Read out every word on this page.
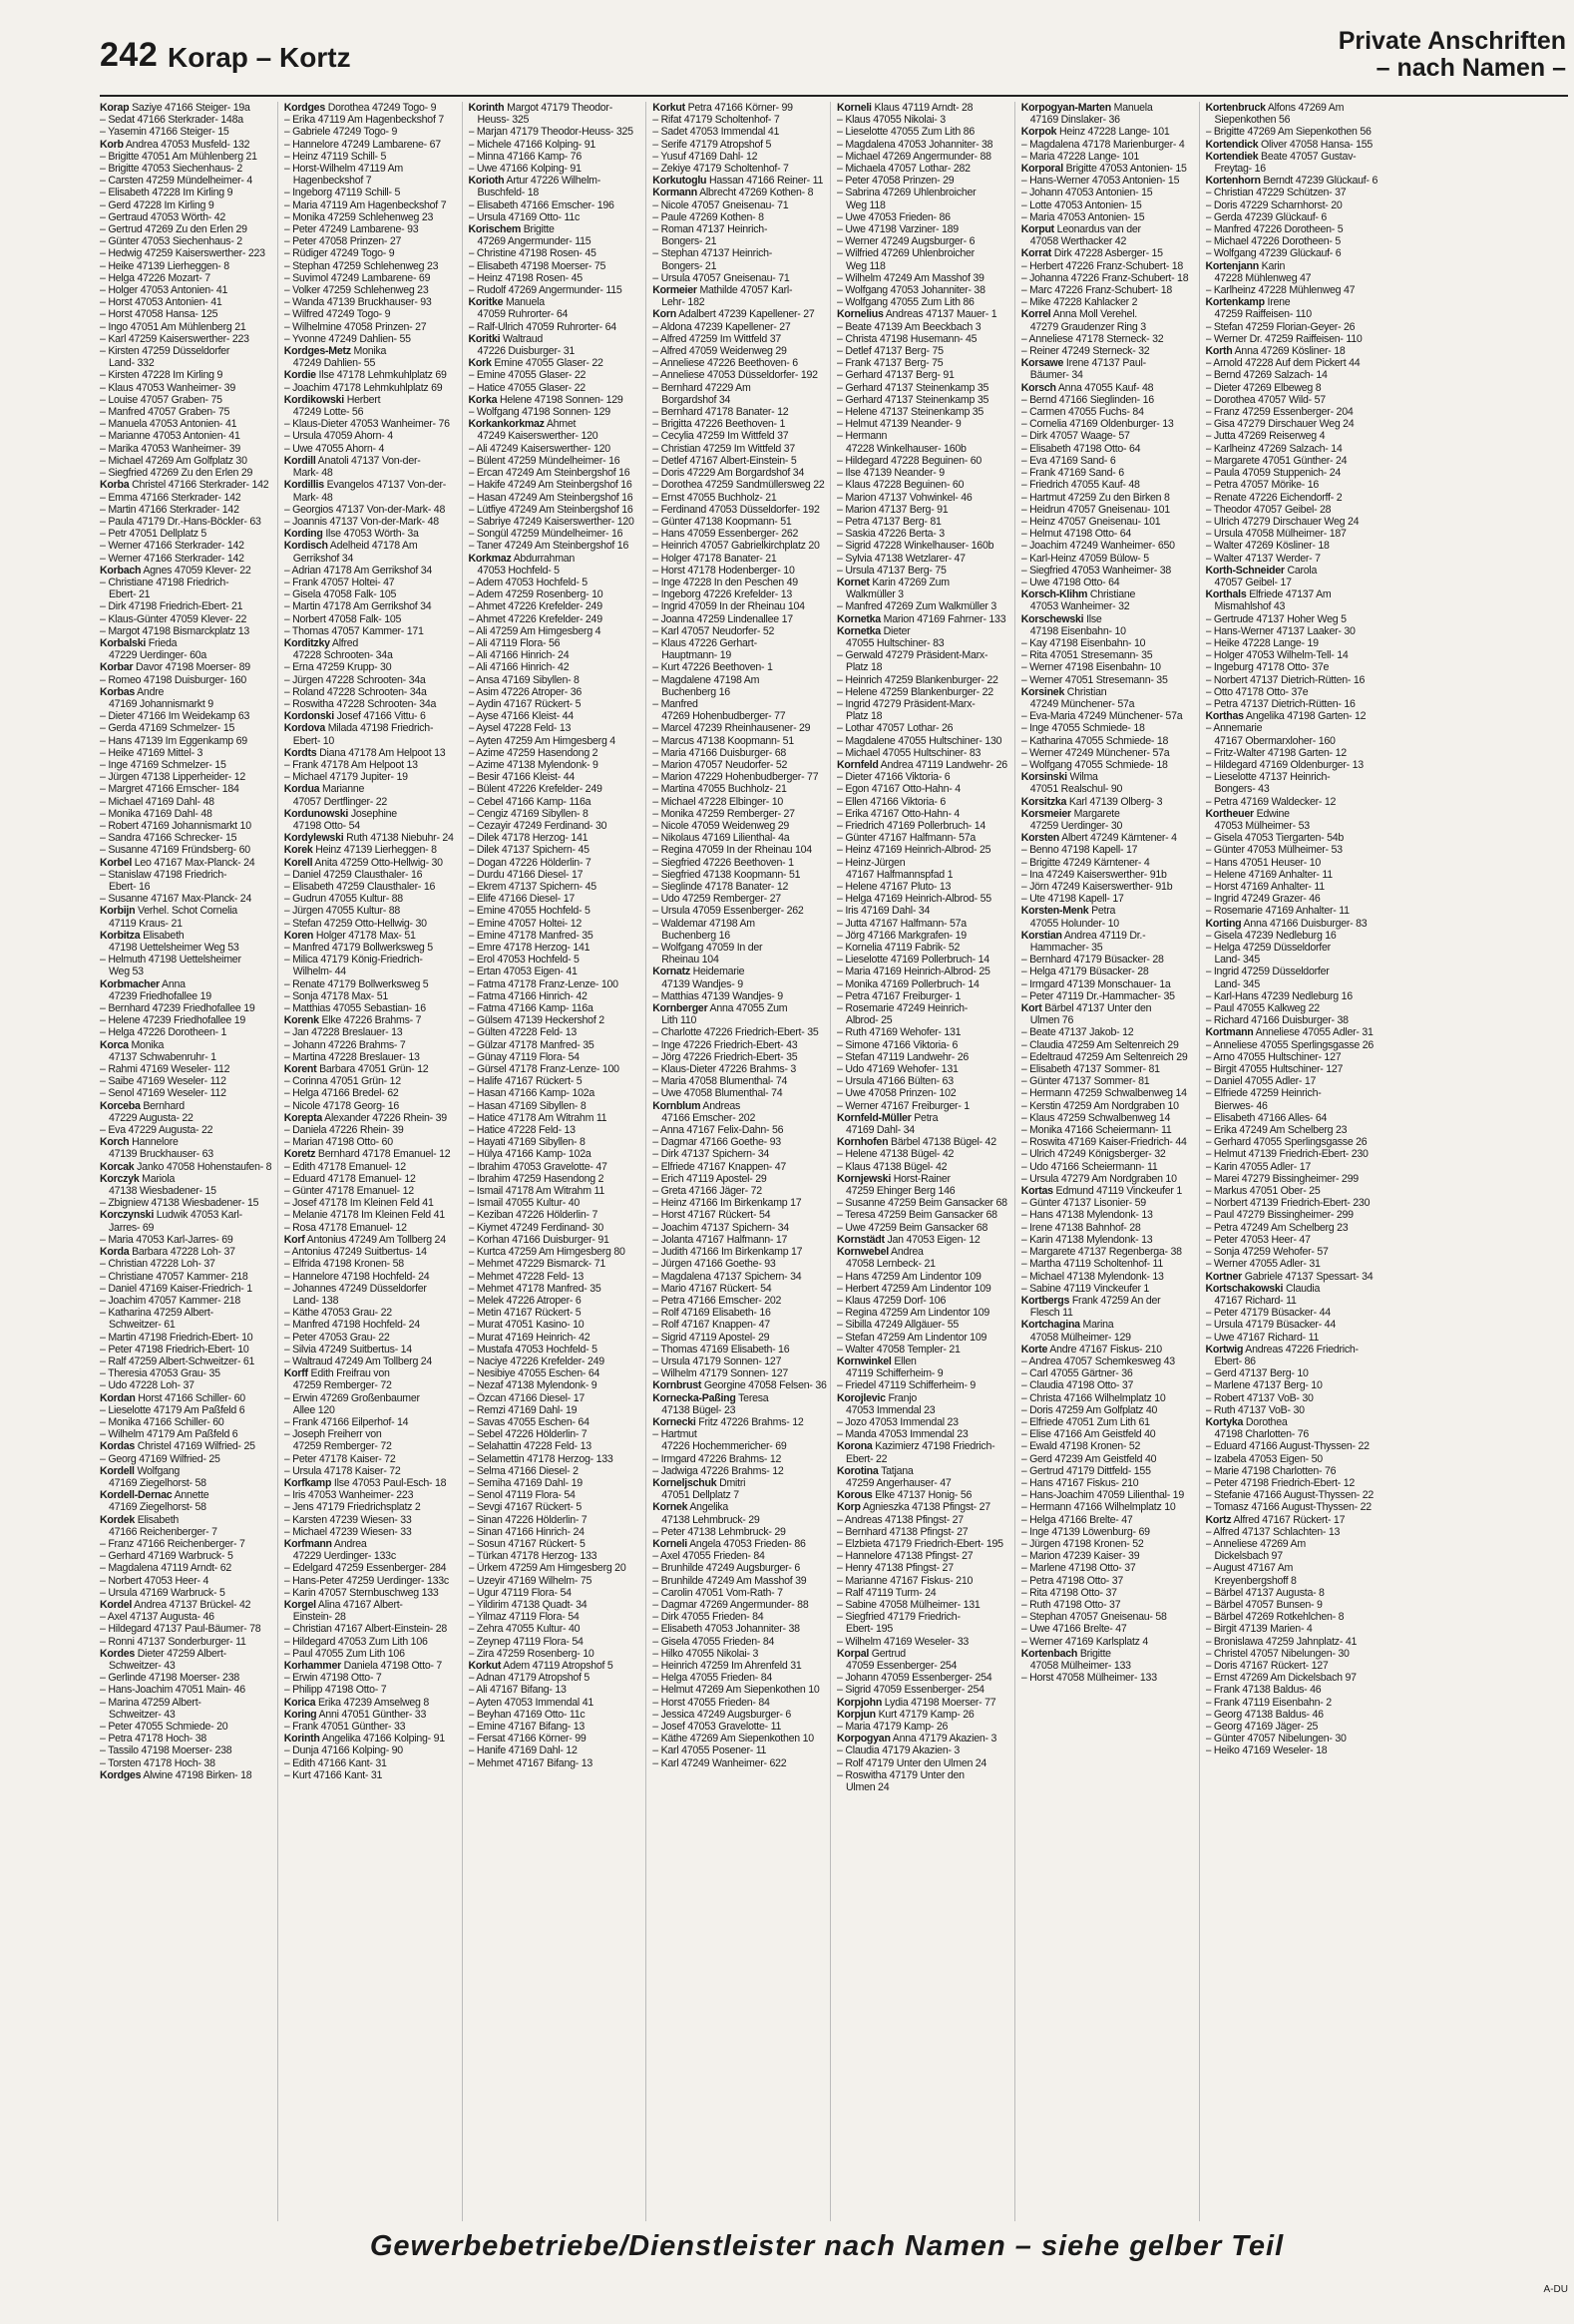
242 Korap – Kortz
Private Anschriften
– nach Namen –
Korap Saziye 47166 Steiger- 19a
– Sedat 47166 Sterkrader- 148a
– Yasemin 47166 Steiger- 15
Korb Andrea 47053 Musfeld- 132
– Brigitte 47051 Am Mühlenberg 21
– Brigitte 47053 Siechenhaus- 2
– Carsten 47259 Mündelheimer- 4
– Elisabeth 47228 Im Kirling 9
– Gerd 47228 Im Kirling 9
– Gertraud 47053 Wörth- 42
– Gertrud 47269 Zu den Erlen 29
– Günter 47053 Siechenhaus- 2
– Hedwig 47259 Kaiserswerther- 223
– Heike 47139 Lierheggen- 8
– Helga 47226 Mozart- 7
– Holger 47053 Antonien- 41
– Horst 47053 Antonien- 41
– Horst 47058 Hansa- 125
– Ingo 47051 Am Mühlenberg 21
– Karl 47259 Kaiserswerther- 223
– Kirsten 47259 Düsseldorfer
Land- 332
– Kirsten 47228 Im Kirling 9
– Klaus 47053 Wanheimer- 39
– Louise 47057 Graben- 75
– Manfred 47057 Graben- 75
– Manuela 47053 Antonien- 41
– Marianne 47053 Antonien- 41
– Marika 47053 Wanheimer- 39
– Michael 47269 Am Golfplatz 30
– Siegfried 47269 Zu den Erlen 29
Korba Christel 47166 Sterkrader- 142
– Emma 47166 Sterkrader- 142
– Martin 47166 Sterkrader- 142
– Paula 47179 Dr.-Hans-Böckler- 63
– Petr 47051 Dellplatz 5
– Werner 47166 Sterkrader- 142
– Werner 47166 Sterkrader- 142
Korbach Agnes 47059 Klever- 22
– Christiane 47198 Friedrich-
Ebert- 21
– Dirk 47198 Friedrich-Ebert- 21
– Klaus-Günter 47059 Klever- 22
– Margot 47198 Bismarckplatz 13
Korbalski Frieda
47229 Uerdinger- 60a
Korbar Davor 47198 Moerser- 89
– Romeo 47198 Duisburger- 160
Korbas Andre
47169 Johannismarkt 9
– Dieter 47166 Im Weidekamp 63
– Gerda 47169 Schmelzer- 15
– Hans 47139 Im Eggenkamp 69
– Heike 47169 Mittel- 3
– Inge 47169 Schmelzer- 15
– Jürgen 47138 Lipperheider- 12
– Margret 47166 Emscher- 184
– Michael 47169 Dahl- 48
– Monika 47169 Dahl- 48
– Robert 47169 Johannismarkt 10
– Sandra 47166 Schrecker- 15
– Susanne 47169 Fründsberg- 60
Korbel Leo 47167 Max-Planck- 24
– Stanislaw 47198 Friedrich-
Ebert- 16
– Susanne 47167 Max-Planck- 24
Korbijn Verhel. Schot Cornelia
47119 Kraus- 21
Korbitza Elisabeth
47198 Uettelsheimer Weg 53
– Helmuth 47198 Uettelsheimer
Weg 53
Korbmacher Anna
47239 Friedhofallee 19
– Bernhard 47239 Friedhofallee 19
– Helene 47239 Friedhofallee 19
– Helga 47226 Dorotheen- 1
Korca Monika
47137 Schwabenruhr- 1
– Rahmi 47169 Weseler- 112
– Saibe 47169 Weseler- 112
– Senol 47169 Weseler- 112
Korceba Bernhard
47229 Augusta- 22
– Eva 47229 Augusta- 22
Korch Hannelore
47139 Bruckhauser- 63
Korcak Janko 47058 Hohenstaufen- 8
Korczyk Mariola
47138 Wiesbadener- 15
– Zbigniew 47138 Wiesbadener- 15
Korczynski Ludwik 47053 Karl-
Jarres- 69
– Maria 47053 Karl-Jarres- 69
Korda Barbara 47228 Loh- 37
– Christian 47228 Loh- 37
– Christiane 47057 Kammer- 218
– Daniel 47169 Kaiser-Friedrich- 1
– Joachim 47057 Kammer- 218
– Katharina 47259 Albert-
Schweitzer- 61
– Martin 47198 Friedrich-Ebert- 10
– Peter 47198 Friedrich-Ebert- 10
– Ralf 47259 Albert-Schweitzer- 61
– Theresia 47053 Grau- 35
– Udo 47228 Loh- 37
Kordan Horst 47166 Schiller- 60
– Lieselotte 47179 Am Paßfeld 6
– Monika 47166 Schiller- 60
– Wilhelm 47179 Am Paßfeld 6
Kordas Christel 47169 Wilfried- 25
– Georg 47169 Wilfried- 25
Kordell Wolfgang
47169 Ziegelhorst- 58
Kordell-Dernac Annette
47169 Ziegelhorst- 58
Kordek Elisabeth
47166 Reichenberger- 7
– Franz 47166 Reichenberger- 7
– Gerhard 47169 Warbruck- 5
– Magdalena 47119 Arndt- 62
– Norbert 47053 Heer- 4
– Ursula 47169 Warbruck- 5
Kordel Andrea 47137 Brückel- 42
– Axel 47137 Augusta- 46
– Hildegard 47137 Paul-Bäumer- 78
– Ronni 47137 Sonderburger- 11
Kordes Dieter 47259 Albert-
Schweitzer- 43
– Gerlinde 47198 Moerser- 238
– Hans-Joachim 47051 Main- 46
– Marina 47259 Albert-
Schweitzer- 43
– Peter 47055 Schmiede- 20
– Petra 47178 Hoch- 38
– Tassilo 47198 Moerser- 238
– Torsten 47178 Hoch- 38
Kordges Alwine 47198 Birken- 18
Kordges Dorothea 47249 Togo- 9
– Erika 47119 Am Hagenbeckshof 7
– Gabriele 47249 Togo- 9
– Hannelore 47249 Lambarene- 67
– Heinz 47119 Schill- 5
– Horst-Wilhelm 47119 Am
Hagenbeckshof 7
– Ingeborg 47119 Schill- 5
– Maria 47119 Am Hagenbeckshof 7
– Monika 47259 Schlehenweg 23
– Peter 47249 Lambarene- 93
– Peter 47058 Prinzen- 27
– Rüdiger 47249 Togo- 9
– Stephan 47259 Schlehenweg 23
– Suvimol 47249 Lambarene- 69
– Volker 47259 Schlehenweg 23
– Wanda 47139 Bruckhauser- 93
– Wilfred 47249 Togo- 9
– Wilhelmine 47058 Prinzen- 27
– Yvonne 47249 Dahlien- 55
Kordges-Metz Monika
47249 Dahlien- 55
Kordie Ilse 47178 Lehmkuhlplatz 69
– Joachim 47178 Lehmkuhlplatz 69
Kordikowski Herbert
47249 Lotte- 56
– Klaus-Dieter 47053 Wanheimer- 76
– Ursula 47059 Ahorn- 4
– Uwe 47055 Ahorn- 4
Kordill Anatoli 47137 Von-der-
Mark- 48
Kordillis Evangelos 47137 Von-der-
Mark- 48
– Georgios 47137 Von-der-Mark- 48
– Joannis 47137 Von-der-Mark- 48
Kording Ilse 47053 Wörth- 3a
Kordisch Adelheid 47178 Am
Gerrikshof 34
– Adrian 47178 Am Gerrikshof 34
– Frank 47057 Holtei- 47
– Gisela 47058 Falk- 105
– Martin 47178 Am Gerrikshof 34
– Norbert 47058 Falk- 105
– Thomas 47057 Kammer- 171
Korditzky Alfred
47228 Schrooten- 34a
– Erna 47259 Krupp- 30
– Jürgen 47228 Schrooten- 34a
– Roland 47228 Schrooten- 34a
– Roswitha 47228 Schrooten- 34a
Kordonski Josef 47166 Vittu- 6
Kordova Milada 47198 Friedrich-
Ebert- 10
Kordts Diana 47178 Am Helpoot 13
– Frank 47178 Am Helpoot 13
– Michael 47179 Jupiter- 19
Kordua Marianne
47057 Dertflinger- 22
Kordunowski Josephine
47198 Otto- 54
Kordylewski Ruth 47138 Niebuhr- 24
Korek Heinz 47139 Lierheggen- 8
Korell Anita 47259 Otto-Hellwig- 30
– Daniel 47259 Clausthaler- 16
– Elisabeth 47259 Clausthaler- 16
– Gudrun 47055 Kultur- 88
– Jürgen 47055 Kultur- 88
– Stefan 47259 Otto-Hellwig- 30
Koren Holger 47178 Max- 51
– Manfred 47179 Bollwerksweg 5
– Milica 47179 König-Friedrich-
Wilhelm- 44
– Renate 47179 Bollwerksweg 5
– Sonja 47178 Max- 51
– Matthias 47055 Sebastian- 16
Korenk Elke 47226 Brahms- 7
– Jan 47228 Breslauer- 13
– Johann 47226 Brahms- 7
– Martina 47228 Breslauer- 13
Korent Barbara 47051 Grün- 12
– Corinna 47051 Grün- 12
– Helga 47166 Bredel- 62
– Nicole 47178 Georg- 16
Korepta Alexander 47226 Rhein- 39
– Daniela 47226 Rhein- 39
– Marian 47198 Otto- 60
Koretz Bernhard 47178 Emanuel- 12
– Edith 47178 Emanuel- 12
– Eduard 47178 Emanuel- 12
– Günter 47178 Emanuel- 12
– Josef 47178 Im Kleinen Feld 41
– Melanie 47178 Im Kleinen Feld 41
– Rosa 47178 Emanuel- 12
Korf Antonius 47249 Am Tollberg 24
– Antonius 47249 Suitbertus- 14
– Elfrida 47198 Kronen- 58
– Hannelore 47198 Hochfeld- 24
– Johannes 47249 Düsseldorfer
Land- 138
– Käthe 47053 Grau- 22
– Manfred 47198 Hochfeld- 24
– Peter 47053 Grau- 22
– Silvia 47249 Suitbertus- 14
– Waltraud 47249 Am Tollberg 24
Korff Edith Freifrau von
47259 Remberger- 72
– Erwin 47269 Großenbaumer
Allee 120
– Frank 47166 Eilperhof- 14
– Joseph Freiherr von
47259 Remberger- 72
– Peter 47178 Kaiser- 72
– Ursula 47178 Kaiser- 72
Korfkamp Ilse 47053 Paul-Esch- 18
– Iris 47053 Wanheimer- 223
– Jens 47179 Friedrichsplatz 2
– Karsten 47239 Wiesen- 33
– Michael 47239 Wiesen- 33
Korfmann Andrea
47229 Uerdinger- 133c
– Edelgard 47259 Essenberger- 284
– Hans-Peter 47259 Uerdinger- 133c
– Karin 47057 Sternbuschweg 133
Korgel Alina 47167 Albert-
Einstein- 28
– Christian 47167 Albert-Einstein- 28
– Hildegard 47053 Zum Lith 106
– Paul 47055 Zum Lith 106
Korhammer Daniela 47198 Otto- 7
– Erwin 47198 Otto- 7
– Philipp 47198 Otto- 7
Korica Erika 47239 Amselweg 8
Koring Anni 47051 Günther- 33
– Frank 47051 Günther- 33
Korinth Angelika 47166 Kolping- 91
– Dunja 47166 Kolping- 90
– Edith 47166 Kant- 31
– Kurt 47166 Kant- 31
Korinth Margot 47179 Theodor-
Heuss- 325
– Marjan 47179 Theodor-Heuss- 325
– Michele 47166 Kolping- 91
– Minna 47166 Kamp- 76
– Uwe 47166 Kolping- 91
Korioth Artur 47226 Wilhelm-
Buschfeld- 18
– Elisabeth 47166 Emscher- 196
– Ursula 47169 Otto- 11c
Korischem Brigitte
47269 Angermunder- 115
– Christine 47198 Rosen- 45
– Elisabeth 47198 Moerser- 75
– Heinz 47198 Rosen- 45
– Rudolf 47269 Angermunder- 115
Koritke Manuela
47059 Ruhrorter- 64
– Ralf-Ulrich 47059 Ruhrorter- 64
Koritki Waltraud
47226 Duisburger- 31
Kork Emine 47055 Glaser- 22
– Emine 47055 Glaser- 22
– Hatice 47055 Glaser- 22
Korka Helene 47198 Sonnen- 129
– Wolfgang 47198 Sonnen- 129
Korkankorkmaz Ahmet
47249 Kaiserswerther- 120
– Ali 47249 Kaiserswerther- 120
– Bülent 47259 Mündelheimer- 16
– Ercan 47249 Am Steinbergshof 16
– Hakife 47249 Am Steinbergshof 16
– Hasan 47249 Am Steinbergshof 16
– Lütfiye 47249 Am Steinbergshof 16
– Sabriye 47249 Kaiserswerther- 120
– Songül 47259 Mündelheimer- 16
– Taner 47249 Am Steinbergshof 16
Korkmaz Abdurrahman
47053 Hochfeld- 5
– Adem 47053 Hochfeld- 5
– Adem 47259 Rosenberg- 10
– Ahmet 47226 Krefelder- 249
– Ahmet 47226 Krefelder- 249
– Ali 47259 Am Himgesberg 4
– Ali 47119 Flora- 56
– Ali 47166 Hinrich- 24
– Ali 47166 Hinrich- 42
– Ansa 47169 Sibyllen- 8
– Asim 47226 Atroper- 36
– Aydin 47167 Rückert- 5
– Ayse 47166 Kleist- 44
– Aysel 47228 Feld- 13
– Ayten 47259 Am Himgesberg 4
– Azime 47259 Hasendong 2
– Azime 47138 Mylendonk- 9
– Besir 47166 Kleist- 44
– Bülent 47226 Krefelder- 249
– Cebel 47166 Kamp- 116a
– Cengiz 47169 Sibyllen- 8
– Cezayir 47249 Ferdinand- 30
– Dilek 47178 Herzog- 141
– Dilek 47137 Spichern- 45
– Dogan 47226 Hölderlin- 7
– Durdu 47166 Diesel- 17
– Ekrem 47137 Spichern- 45
– Elife 47166 Diesel- 17
– Emine 47055 Hochfeld- 5
– Emine 47057 Holtei- 12
– Emine 47178 Manfred- 35
– Emre 47178 Herzog- 141
– Erol 47053 Hochfeld- 5
– Ertan 47053 Eigen- 41
– Fatma 47178 Franz-Lenze- 100
– Fatma 47166 Hinrich- 42
– Fatma 47166 Kamp- 116a
– Gülsem 47139 Heckershof 2
– Gülten 47228 Feld- 13
– Gülzar 47178 Manfred- 35
– Günay 47119 Flora- 54
– Gürsel 47178 Franz-Lenze- 100
– Halife 47167 Rückert- 5
– Hasan 47166 Kamp- 102a
– Hasan 47169 Sibyllen- 8
– Hatice 47178 Am Witrahm 11
– Hatice 47228 Feld- 13
– Hayati 47169 Sibyllen- 8
– Hülya 47166 Kamp- 102a
– Ibrahim 47053 Gravelotte- 47
– Ibrahim 47259 Hasendong 2
– Ismail 47178 Am Witrahm 11
– Ismail 47055 Kultur- 40
– Keziban 47226 Hölderlin- 7
– Kiymet 47249 Ferdinand- 30
– Korhan 47166 Duisburger- 91
– Kurtca 47259 Am Himgesberg 80
– Mehmet 47229 Bismarck- 71
– Mehmet 47228 Feld- 13
– Mehmet 47178 Manfred- 35
– Melek 47226 Atroper- 6
– Metin 47167 Rückert- 5
– Murat 47051 Kasino- 10
– Murat 47169 Heinrich- 42
– Mustafa 47053 Hochfeld- 5
– Naciye 47226 Krefelder- 249
– Nesibiye 47055 Eschen- 64
– Nezaf 47138 Mylendonk- 9
– Özcan 47166 Diesel- 17
– Remzi 47169 Dahl- 19
– Savas 47055 Eschen- 64
– Sebel 47226 Hölderlin- 7
– Selahattin 47228 Feld- 13
– Selamettin 47178 Herzog- 133
– Selma 47166 Diesel- 2
– Semiha 47169 Dahl- 19
– Senol 47119 Flora- 54
– Sevgi 47167 Rückert- 5
– Sinan 47226 Hölderlin- 7
– Sinan 47166 Hinrich- 24
– Sosun 47167 Rückert- 5
– Türkan 47178 Herzog- 133
– Ürkem 47259 Am Himgesberg 20
– Uzeyir 47169 Wilhelm- 75
– Ugur 47119 Flora- 54
– Yildirim 47138 Quadt- 34
– Yilmaz 47119 Flora- 54
– Zehra 47055 Kultur- 40
– Zeynep 47119 Flora- 54
– Zira 47259 Rosenberg- 10
Korkut Adem 47119 Atropshof 5
– Adnan 47179 Atropshof 5
– Ali 47167 Bifang- 13
– Ayten 47053 Immendal 41
– Beyhan 47169 Otto- 11c
– Emine 47167 Bifang- 13
– Fersat 47166 Körner- 99
– Hanife 47169 Dahl- 12
– Mehmet 47167 Bifang- 13
Korkut Petra 47166 Körner- 99
– Rifat 47179 Scholtenhof- 7
– Sadet 47053 Immendal 41
– Serife 47179 Atropshof 5
– Yusuf 47169 Dahl- 12
– Zekiye 47179 Scholtenhof- 7
Korkutoglu Hassan 47166 Reiner- 11
Kormann Albrecht 47269 Kothen- 8
– Nicole 47057 Gneisenau- 71
– Paule 47269 Kothen- 8
– Roman 47137 Heinrich-
Bongers- 21
– Stephan 47137 Heinrich-
Bongers- 21
– Ursula 47057 Gneisenau- 71
Kormeier Mathilde 47057 Karl-
Lehr- 182
Korn Adalbert 47239 Kapellener- 27
– Aldona 47239 Kapellener- 27
– Alfred 47259 Im Wittfeld 37
– Alfred 47059 Weidenweg 29
– Anneliese 47226 Beethoven- 6
– Anneliese 47053 Düsseldorfer- 192
– Bernhard 47229 Am
Borgardshof 34
– Bernhard 47178 Banater- 12
– Brigitta 47226 Beethoven- 1
– Cecylia 47259 Im Wittfeld 37
– Christian 47259 Im Wittfeld 37
– Detlef 47167 Albert-Einstein- 5
– Doris 47229 Am Borgardshof 34
– Dorothea 47259 Sandmüllersweg 22
– Ernst 47055 Buchholz- 21
– Ferdinand 47053 Düsseldorfer- 192
– Günter 47138 Koopmann- 51
– Hans 47059 Essenberger- 262
– Heinrich 47057 Gabrielkirchplatz 20
– Holger 47178 Banater- 21
– Horst 47178 Hodenberger- 10
– Inge 47228 In den Peschen 49
– Ingeborg 47226 Krefelder- 13
– Ingrid 47059 In der Rheinau 104
– Joanna 47259 Lindenallee 17
– Karl 47057 Neudorfer- 52
– Klaus 47226 Gerhart-
Hauptmann- 19
– Kurt 47226 Beethoven- 1
– Magdalene 47198 Am
Buchenberg 16
– Manfred
47269 Hohenbudberger- 77
– Marcel 47239 Rheinhausener- 29
– Marcus 47138 Koopmann- 51
– Maria 47166 Duisburger- 68
– Marion 47057 Neudorfer- 52
– Marion 47229 Hohenbudberger- 77
– Martina 47055 Buchholz- 21
– Michael 47228 Elbinger- 10
– Monika 47259 Remberger- 27
– Nicole 47059 Weidenweg 29
– Nikolaus 47169 Lilienthal- 4a
– Regina 47059 In der Rheinau 104
– Siegfried 47226 Beethoven- 1
– Siegfried 47138 Koopmann- 51
– Sieglinde 47178 Banater- 12
– Udo 47259 Remberger- 27
– Ursula 47059 Essenberger- 262
– Waldemar 47198 Am
Buchenberg 16
– Wolfgang 47059 In der
Rheinau 104
Kornatz Heidemarie
47139 Wandjes- 9
– Matthias 47139 Wandjes- 9
Kornberger Anna 47055 Zum
Lith 110
– Charlotte 47226 Friedrich-Ebert- 35
– Inge 47226 Friedrich-Ebert- 43
– Jörg 47226 Friedrich-Ebert- 35
– Klaus-Dieter 47226 Brahms- 3
– Maria 47058 Blumenthal- 74
– Uwe 47058 Blumenthal- 74
Kornblum Andreas
47166 Emscher- 202
– Anna 47167 Felix-Dahn- 56
– Dagmar 47166 Goethe- 93
– Dirk 47137 Spichern- 34
– Elfriede 47167 Knappen- 47
– Erich 47119 Apostel- 29
– Greta 47166 Jäger- 72
– Heinz 47166 Im Birkenkamp 17
– Horst 47167 Rückert- 54
– Joachim 47137 Spichern- 34
– Jolanta 47167 Halfmann- 17
– Judith 47166 Im Birkenkamp 17
– Jürgen 47166 Goethe- 93
– Magdalena 47137 Spichern- 34
– Mario 47167 Rückert- 54
– Petra 47166 Emscher- 202
– Rolf 47169 Elisabeth- 16
– Rolf 47167 Knappen- 47
– Sigrid 47119 Apostel- 29
– Thomas 47169 Elisabeth- 16
– Ursula 47179 Sonnen- 127
– Wilhelm 47179 Sonnen- 127
Kornbrust Georgine 47058 Felsen- 36
Kornecka-Paßing Teresa
47138 Bügel- 23
Kornecki Fritz 47226 Brahms- 12
– Hartmut
47226 Hochemmericher- 69
– Irmgard 47226 Brahms- 12
– Jadwiga 47226 Brahms- 12
Korneljschuk Dmitri
47051 Dellplatz 7
Kornek Angelika
47138 Lehmbruck- 29
– Peter 47138 Lehmbruck- 29
Korneli Angela 47053 Frieden- 86
– Axel 47055 Frieden- 84
– Brunhilde 47249 Augsburger- 6
– Brunhilde 47249 Am Masshof 39
– Carolin 47051 Vom-Rath- 7
– Dagmar 47269 Angermunder- 88
– Dirk 47055 Frieden- 84
– Elisabeth 47053 Johanniter- 38
– Gisela 47055 Frieden- 84
– Hilko 47055 Nikolai- 3
– Heinrich 47259 Im Ahrenfeld 31
– Helga 47055 Frieden- 84
– Helmut 47269 Am Siepenkothen 10
– Horst 47055 Frieden- 84
– Jessica 47249 Augsburger- 6
– Josef 47053 Gravelotte- 11
– Käthe 47269 Am Siepenkothen 10
– Karl 47055 Posener- 11
– Karl 47249 Wanheimer- 622
Korneli Klaus 47119 Arndt- 28
– Klaus 47055 Nikolai- 3
– Lieselotte 47055 Zum Lith 86
– Magdalena 47053 Johanniter- 38
– Michael 47269 Angermunder- 88
– Michaela 47057 Lothar- 282
– Peter 47058 Prinzen- 29
– Sabrina 47269 Uhlenbroicher
Weg 118
– Uwe 47053 Frieden- 86
– Uwe 47198 Varziner- 189
– Werner 47249 Augsburger- 6
– Wilfried 47269 Uhlenbroicher
Weg 118
– Wilhelm 47249 Am Masshof 39
– Wolfgang 47053 Johanniter- 38
– Wolfgang 47055 Zum Lith 86
Kornelius Andreas 47137 Mauer- 1
– Beate 47139 Am Beeckbach 3
– Christa 47198 Husemann- 45
– Detlef 47137 Berg- 75
– Frank 47137 Berg- 75
– Gerhard 47137 Berg- 91
– Gerhard 47137 Steinenkamp 35
– Gerhard 47137 Steinenkamp 35
– Helene 47137 Steinenkamp 35
– Helmut 47139 Neander- 9
– Hermann
47228 Winkelhauser- 160b
– Hildegard 47228 Beguinen- 60
– Ilse 47139 Neander- 9
– Klaus 47228 Beguinen- 60
– Marion 47137 Vohwinkel- 46
– Marion 47137 Berg- 91
– Petra 47137 Berg- 81
– Saskia 47226 Berta- 3
– Sigrid 47228 Winkelhauser- 160b
– Sylvia 47138 Wetzlarer- 47
– Ursula 47137 Berg- 75
Kornet Karin 47269 Zum
Walkmüller 3
– Manfred 47269 Zum Walkmüller 3
Kornetka Marion 47169 Fahrner- 133
Kornetka Dieter
47055 Hultschiner- 83
– Gerwald 47279 Präsident-Marx-
Platz 18
– Heinrich 47259 Blankenburger- 22
– Helene 47259 Blankenburger- 22
– Ingrid 47279 Präsident-Marx-
Platz 18
– Lothar 47057 Lothar- 26
– Magdalene 47055 Hultschiner- 130
– Michael 47055 Hultschiner- 83
Kornfeld Andrea 47119 Landwehr- 26
– Dieter 47166 Viktoria- 6
– Egon 47167 Otto-Hahn- 4
– Ellen 47166 Viktoria- 6
– Erika 47167 Otto-Hahn- 4
– Friedrich 47169 Pollerbruch- 14
– Günter 47167 Halfmann- 57a
– Heinz 47169 Heinrich-Albrod- 25
– Heinz-Jürgen
47167 Halfmannspfad 1
– Helene 47167 Pluto- 13
– Helga 47169 Heinrich-Albrod- 55
– Iris 47169 Dahl- 34
– Jutta 47167 Halfmann- 57a
– Jörg 47166 Markgrafen- 19
– Kornelia 47119 Fabrik- 52
– Lieselotte 47169 Pollerbruch- 14
– Maria 47169 Heinrich-Albrod- 25
– Monika 47169 Pollerbruch- 14
– Petra 47167 Freiburger- 1
– Rosemarie 47249 Heinrich-
Albrod- 25
– Ruth 47169 Wehofer- 131
– Simone 47166 Viktoria- 6
– Stefan 47119 Landwehr- 26
– Udo 47169 Wehofer- 131
– Ursula 47166 Bülten- 63
– Uwe 47058 Prinzen- 102
– Werner 47167 Freiburger- 1
Kornfeld-Müller Petra
47169 Dahl- 34
Kornhofen Bärbel 47138 Bügel- 42
– Helene 47138 Bügel- 42
– Klaus 47138 Bügel- 42
Kornjewski Horst-Rainer
47259 Ehinger Berg 146
– Susanne 47259 Beim Gansacker 68
– Teresa 47259 Beim Gansacker 68
– Uwe 47259 Beim Gansacker 68
Kornstädt Jan 47053 Eigen- 12
Kornwebel Andrea
47058 Lernbeck- 21
– Hans 47259 Am Lindentor 109
– Herbert 47259 Am Lindentor 109
– Klaus 47259 Dorf- 106
– Regina 47259 Am Lindentor 109
– Sibilla 47249 Allgäuer- 55
– Stefan 47259 Am Lindentor 109
– Walter 47058 Templer- 21
Kornwinkel Ellen
47119 Schifferheim- 9
– Friedel 47119 Schifferheim- 9
Korojlevic Franjo
47053 Immendal 23
– Jozo 47053 Immendal 23
– Manda 47053 Immendal 23
Koronа Kazimierz 47198 Friedrich-
Ebert- 22
Korotina Tatjana
47259 Angerhauser- 47
Korous Elke 47137 Honig- 56
Korp Agnieszka 47138 Pfingst- 27
– Andreas 47138 Pfingst- 27
– Bernhard 47138 Pfingst- 27
– Elzbieta 47179 Friedrich-Ebert- 195
– Hannelore 47138 Pfingst- 27
– Henry 47138 Pfingst- 27
– Marianne 47167 Fiskus- 210
– Ralf 47119 Turm- 24
– Sabine 47058 Mülheimer- 131
– Siegfried 47179 Friedrich-
Ebert- 195
– Wilhelm 47169 Weseler- 33
Korpal Gertrud
47059 Essenberger- 254
– Johann 47059 Essenberger- 254
– Sigrid 47059 Essenberger- 254
Korpjohn Lydia 47198 Moerser- 77
Korpjun Kurt 47179 Kamp- 26
– Maria 47179 Kamp- 26
Korpogyan Anna 47179 Akazien- 3
– Claudia 47179 Akazien- 3
– Rolf 47179 Unter den Ulmen 24
– Roswitha 47179 Unter den
Ulmen 24
Korpogyan-Marten Manuela
47169 Dinslaker- 36
Korpok Heinz 47228 Lange- 101
– Magdalena 47178 Marienburger- 4
– Maria 47228 Lange- 101
Korporal Brigitte 47053 Antonien- 15
– Hans-Werner 47053 Antonien- 15
– Johann 47053 Antonien- 15
– Lotte 47053 Antonien- 15
– Maria 47053 Antonien- 15
Korput Leonardus van der
47058 Werthacker 42
Korrat Dirk 47228 Asberger- 15
– Herbert 47226 Franz-Schubert- 18
– Johanna 47226 Franz-Schubert- 18
– Marc 47226 Franz-Schubert- 18
– Mike 47228 Kahlacker 2
Korrel Anna Moll Verehel.
47279 Graudenzer Ring 3
– Anneliese 47178 Sterneck- 32
– Reiner 47249 Sterneck- 32
Korsawe Irene 47137 Paul-
Bäumer- 34
Korsch Anna 47055 Kauf- 48
– Bernd 47166 Sieglinden- 16
– Carmen 47055 Fuchs- 84
– Cornelia 47169 Oldenburger- 13
– Dirk 47057 Waage- 57
– Elisabeth 47198 Otto- 64
– Eva 47169 Sand- 6
– Frank 47169 Sand- 6
– Friedrich 47055 Kauf- 48
– Hartmut 47259 Zu den Birken 8
– Heidrun 47057 Gneisenau- 101
– Heinz 47057 Gneisenau- 101
– Helmut 47198 Otto- 64
– Joachim 47249 Wanheimer- 650
– Karl-Heinz 47059 Bülow- 5
– Siegfried 47053 Wanheimer- 38
– Uwe 47198 Otto- 64
Korsch-Klihm Christiane
47053 Wanheimer- 32
Korschewski Ilse
47198 Eisenbahn- 10
– Kay 47198 Eisenbahn- 10
– Rita 47051 Stresemann- 35
– Werner 47198 Eisenbahn- 10
– Werner 47051 Stresemann- 35
Korsinek Christian
47249 Münchener- 57a
– Eva-Maria 47249 Münchener- 57a
– Inge 47055 Schmiede- 18
– Katharina 47055 Schmiede- 18
– Werner 47249 Münchener- 57a
– Wolfgang 47055 Schmiede- 18
Korsinski Wilma
47051 Realschul- 90
Korsitzka Karl 47139 Olberg- 3
Korsmeier Margarete
47259 Uerdinger- 30
Korsten Albert 47249 Kärntener- 4
– Benno 47198 Kapell- 17
– Brigitte 47249 Kärntener- 4
– Ina 47249 Kaiserswerther- 91b
– Jörn 47249 Kaiserswerther- 91b
– Ute 47198 Kapell- 17
Korsten-Menk Petra
47055 Holunder- 10
Korstian Andrea 47119 Dr.-
Hammacher- 35
– Bernhard 47179 Büsacker- 28
– Helga 47179 Büsacker- 28
– Irmgard 47139 Monschauer- 1a
– Peter 47119 Dr.-Hammacher- 35
Kort Bärbel 47137 Unter den
Ulmen 76
– Beate 47137 Jakob- 12
– Claudia 47259 Am Seltenreich 29
– Edeltraud 47259 Am Seltenreich 29
– Elisabeth 47137 Sommer- 81
– Günter 47137 Sommer- 81
– Hermann 47259 Schwalbenweg 14
– Kerstin 47259 Am Nordgraben 10
– Klaus 47259 Schwalbenweg 14
– Monika 47166 Scheiermann- 11
– Roswita 47169 Kaiser-Friedrich- 44
– Ulrich 47249 Königsberger- 32
– Udo 47166 Scheiermann- 11
– Ursula 47279 Am Nordgraben 10
Kortas Edmund 47119 Vinckeufer 1
– Günter 47137 Lisonier- 59
– Hans 47138 Mylendonk- 13
– Irene 47138 Bahnhof- 28
– Karin 47138 Mylendonk- 13
– Margarete 47137 Regenberga- 38
– Martha 47119 Scholtenhof- 11
– Michael 47138 Mylendonk- 13
– Sabine 47119 Vinckeufer 1
Kortbergs Frank 47259 An der
Flesch 11
Kortchagina Marina
47058 Mülheimer- 129
Korte Andre 47167 Fiskus- 210
– Andrea 47057 Schemkesweg 43
– Carl 47055 Gärtner- 36
– Claudia 47198 Otto- 37
– Christa 47166 Wilhelmplatz 10
– Doris 47259 Am Golfplatz 40
– Elfriede 47051 Zum Lith 61
– Elise 47166 Am Geistfeld 40
– Ewald 47198 Kronen- 52
– Gerd 47239 Am Geistfeld 40
– Gertrud 47179 Dittfeld- 155
– Hans 47167 Fiskus- 210
– Hans-Joachim 47059 Lilienthal- 19
– Hermann 47166 Wilhelmplatz 10
– Helga 47166 Brelte- 47
– Inge 47139 Löwenburg- 69
– Jürgen 47198 Kronen- 52
– Marion 47239 Kaiser- 39
– Marlene 47198 Otto- 37
– Petra 47198 Otto- 37
– Rita 47198 Otto- 37
– Ruth 47198 Otto- 37
– Stephan 47057 Gneisenau- 58
– Uwe 47166 Brelte- 47
– Werner 47169 Karlsplatz 4
Kortenbach Brigitte
47058 Mülheimer- 133
– Horst 47058 Mülheimer- 133
Kortenbruck Alfons 47269 Am
Siepenkothen 56
– Brigitte 47269 Am Siepenkothen 56
Kortendick Oliver 47058 Hansa- 155
Kortendiek Beate 47057 Gustav-
Freytag- 16
Kortenhorn Berndt 47239 Glückauf- 6
– Christian 47229 Schützen- 37
– Doris 47229 Scharnhorst- 20
– Gerda 47239 Glückauf- 6
– Manfred 47226 Dorotheen- 5
– Michael 47226 Dorotheen- 5
– Wolfgang 47239 Glückauf- 6
Kortenjann Karin
47228 Mühlenweg 47
– Karlheinz 47228 Mühlenweg 47
Kortenkamp Irene
47259 Raiffeisen- 110
– Stefan 47259 Florian-Geyer- 26
– Werner Dr. 47259 Raiffeisen- 110
Korth Anna 47269 Kösliner- 18
– Arnold 47228 Auf dem Pickert 44
– Bernd 47269 Salzach- 14
– Dieter 47269 Elbeweg 8
– Dorothea 47057 Wild- 57
– Franz 47259 Essenberger- 204
– Gisa 47279 Dirschauer Weg 24
– Jutta 47269 Reiserweg 4
– Karlheinz 47269 Salzach- 14
– Margarete 47051 Günther- 24
– Paula 47059 Stuppenich- 24
– Petra 47057 Mörike- 16
– Renate 47226 Eichendorff- 2
– Theodor 47057 Geibel- 28
– Ulrich 47279 Dirschauer Weg 24
– Ursula 47058 Mülheimer- 187
– Walter 47269 Kösliner- 18
– Walter 47137 Werder- 7
Korth-Schneider Carola
47057 Geibel- 17
Korthals Elfriede 47137 Am
Mismahlshof 43
– Gertrude 47137 Hoher Weg 5
– Hans-Werner 47137 Laaker- 30
– Heike 47228 Lange- 19
– Holger 47053 Wilhelm-Tell- 14
– Ingeburg 47178 Otto- 37e
– Norbert 47137 Dietrich-Rütten- 16
– Otto 47178 Otto- 37e
– Petra 47137 Dietrich-Rütten- 16
Korthas Angelika 47198 Garten- 12
– Annemarie
47167 Obermarxloher- 160
– Fritz-Walter 47198 Garten- 12
– Hildegard 47169 Oldenburger- 13
– Lieselotte 47137 Heinrich-
Bongers- 43
– Petra 47169 Waldecker- 12
Kortheuer Edwine
47053 Mülheimer- 53
– Gisela 47053 Tiergarten- 54b
– Günter 47053 Mülheimer- 53
– Hans 47051 Heuser- 10
– Helene 47169 Anhalter- 11
– Horst 47169 Anhalter- 11
– Ingrid 47249 Grazer- 46
– Rosemarie 47169 Anhalter- 11
Korting Anna 47166 Duisburger- 83
– Gisela 47239 Nedleburg 16
– Helga 47259 Düsseldorfer
Land- 345
– Ingrid 47259 Düsseldorfer
Land- 345
– Karl-Hans 47239 Nedleburg 16
– Paul 47055 Kalkweg 22
– Richard 47166 Duisburger- 38
Kortmann Anneliese 47055 Adler- 31
– Anneliese 47055 Sperlingsgasse 26
– Arno 47055 Hultschiner- 127
– Birgit 47055 Hultschiner- 127
– Daniel 47055 Adler- 17
– Elfriede 47259 Heinrich-
Bierwes- 46
– Elisabeth 47166 Alles- 64
– Erika 47249 Am Schelberg 23
– Gerhard 47055 Sperlingsgasse 26
– Helmut 47139 Friedrich-Ebert- 230
– Karin 47055 Adler- 17
– Marei 47279 Bissingheimer- 299
– Markus 47051 Ober- 25
– Norbert 47139 Friedrich-Ebert- 230
– Paul 47279 Bissingheimer- 299
– Petra 47249 Am Schelberg 23
– Peter 47053 Heer- 47
– Sonja 47259 Wehofer- 57
– Werner 47055 Adler- 31
Kortner Gabriele 47137 Spessart- 34
Kortschakowski Claudia
47167 Richard- 11
– Peter 47179 Büsacker- 44
– Ursula 47179 Büsacker- 44
– Uwe 47167 Richard- 11
Kortwig Andreas 47226 Friedrich-
Ebert- 86
– Gerd 47137 Berg- 10
– Marlene 47137 Berg- 10
– Robert 47137 VoB- 30
– Ruth 47137 VoB- 30
Kortyka Dorothea
47198 Charlotten- 76
– Eduard 47166 August-Thyssen- 22
– Izabela 47053 Eigen- 50
– Marie 47198 Charlotten- 76
– Peter 47198 Friedrich-Ebert- 12
– Stefanie 47166 August-Thyssen- 22
– Tomasz 47166 August-Thyssen- 22
Kortz Alfred 47167 Rückert- 17
– Alfred 47137 Schlachten- 13
– Anneliese 47269 Am
Dickelsbach 97
– August 47167 Am
Kreyenbergshoff 8
– Bärbel 47137 Augusta- 8
– Bärbel 47057 Bunsen- 9
– Bärbel 47269 Rotkehlchen- 8
– Birgit 47139 Marien- 4
– Bronislawa 47259 Jahnplatz- 41
– Christel 47057 Nibelungen- 30
– Doris 47167 Rückert- 127
– Ernst 47269 Am Dickelsbach 97
– Frank 47138 Baldus- 46
– Frank 47119 Eisenbahn- 2
– Georg 47138 Baldus- 46
– Georg 47169 Jäger- 25
– Günter 47057 Nibelungen- 30
– Heiko 47169 Weseler- 18
Gewerbebetriebe/Dienstleister nach Namen – siehe gelber Teil
A-DU
